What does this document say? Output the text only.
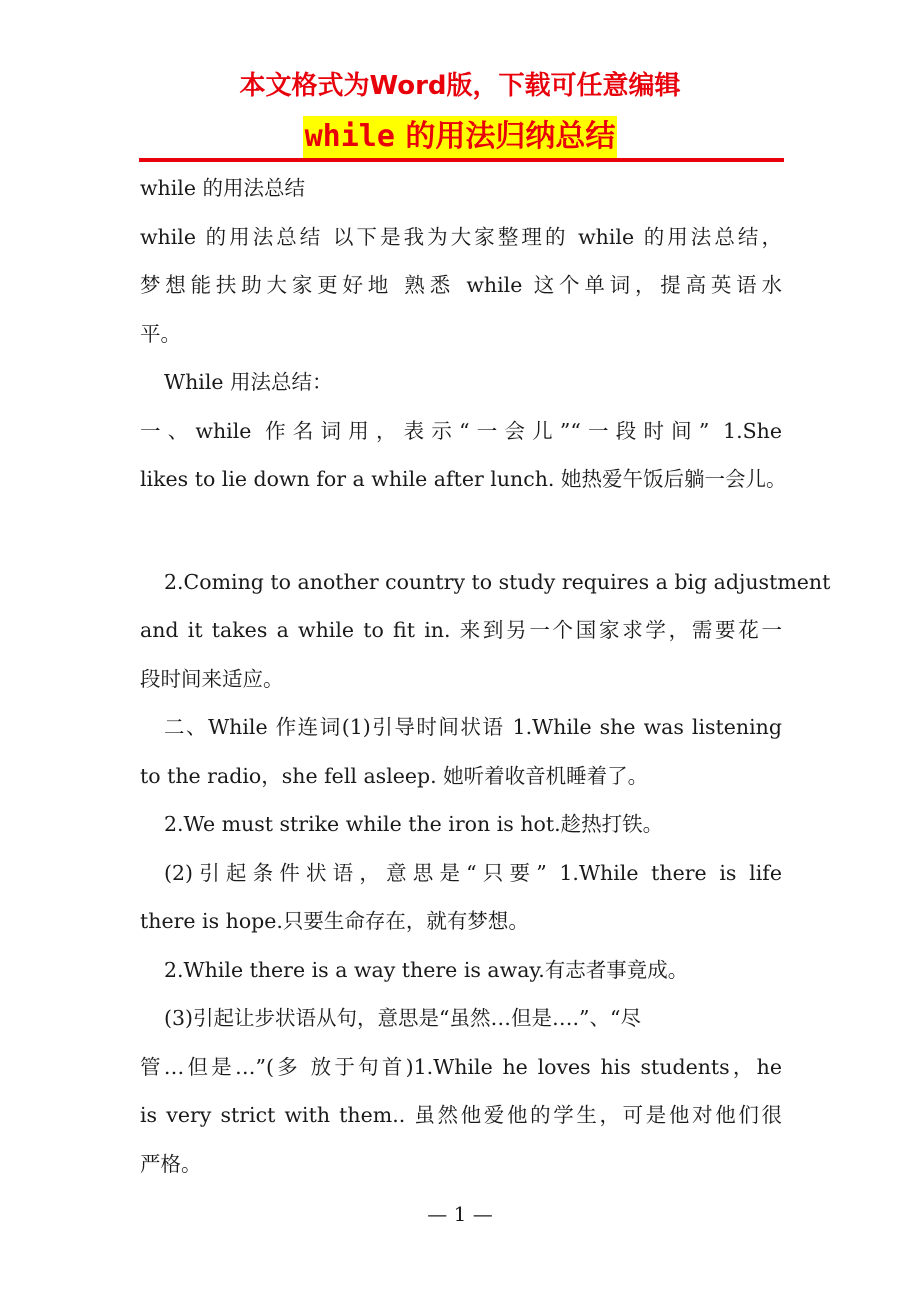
本文格式为Word版，下载可任意编辑
while 的用法归纳总结
while 的用法总结
while 的用法总结 以下是我为大家整理的 while 的用法总结，
梦想能扶助大家更好地 熟悉 while 这个单词，提高英语水
平。
While 用法总结：
一、while 作名词用，表示“一会儿”“一段时间” 1.She
likes to lie down for a while after lunch. 她热爱午饭后躺一会儿。
2.Coming to another country to study requires a big adjustment
and it takes a while to fit in. 来到另一个国家求学，需要花一
段时间来适应。
二、While 作连词(1)引导时间状语 1.While she was listening
to the radio，she fell asleep. 她听着收音机睡着了。
2.We must strike while the iron is hot.趁热打铁。
(2)引起条件状语，意思是“只要” 1.While there is life
there is hope.只要生命存在，就有梦想。
2.While there is a way there is away.有志者事竟成。
(3)引起让步状语从句，意思是“虽然…但是….”、“尽
管…但是…”(多 放于句首)1.While he loves his students，he
is very strict with them.. 虽然他爱他的学生，可是他对他们很
严格。
— 1 —
